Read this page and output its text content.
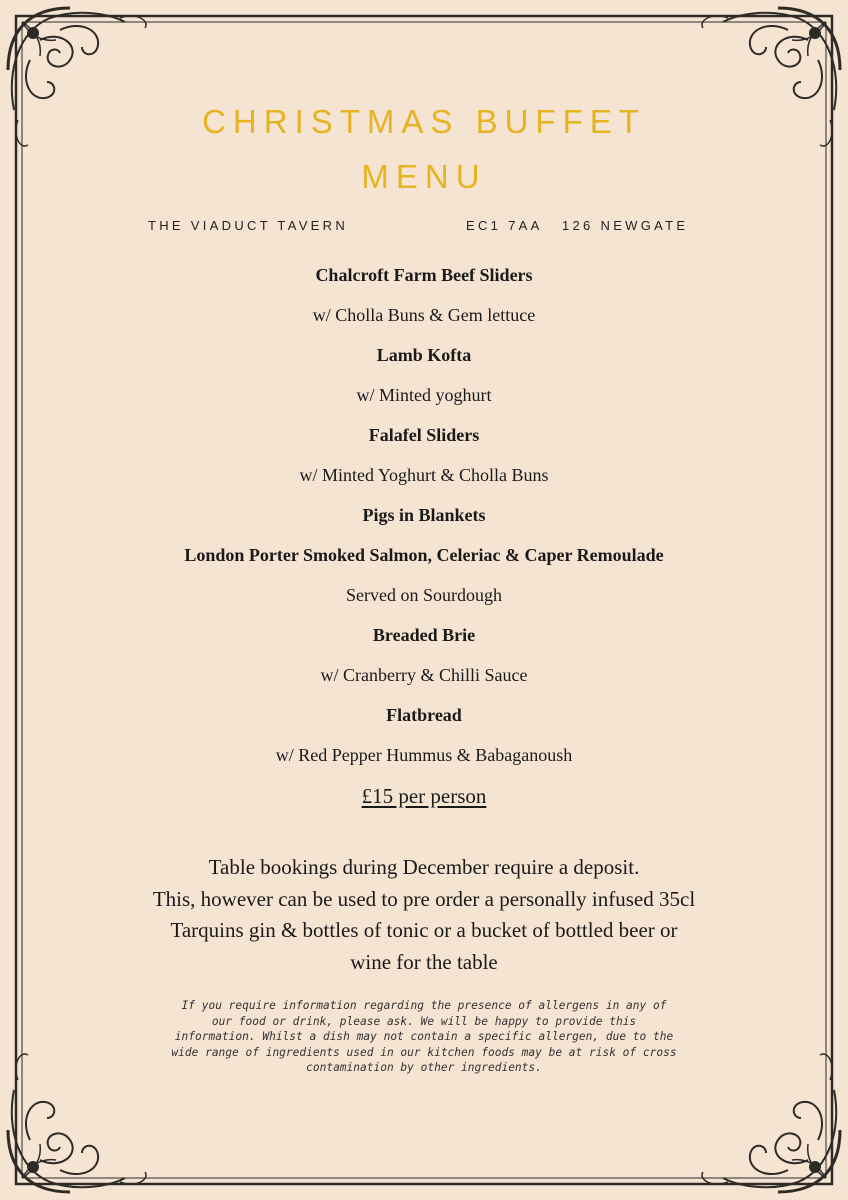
CHRISTMAS BUFFET
MENU
THE VIADUCT TAVERN	EC1 7AA 126 NEWGATE
Chalcroft Farm Beef Sliders
w/ Cholla Buns & Gem lettuce
Lamb Kofta
w/ Minted yoghurt
Falafel Sliders
w/ Minted Yoghurt & Cholla Buns
Pigs in Blankets
London Porter Smoked Salmon, Celeriac & Caper Remoulade
Served on Sourdough
Breaded Brie
w/ Cranberry & Chilli Sauce
Flatbread
w/ Red Pepper Hummus & Babaganoush
£15 per person
Table bookings during December require a deposit.
This, however can be used to pre order a personally infused 35cl
Tarquins gin & bottles of tonic or a bucket of bottled beer or
wine for the table
If you require information regarding the presence of allergens in any of
our food or drink, please ask. We will be happy to provide this
information. Whilst a dish may not contain a specific allergen, due to the
wide range of ingredients used in our kitchen foods may be at risk of cross
contamination by other ingredients.
